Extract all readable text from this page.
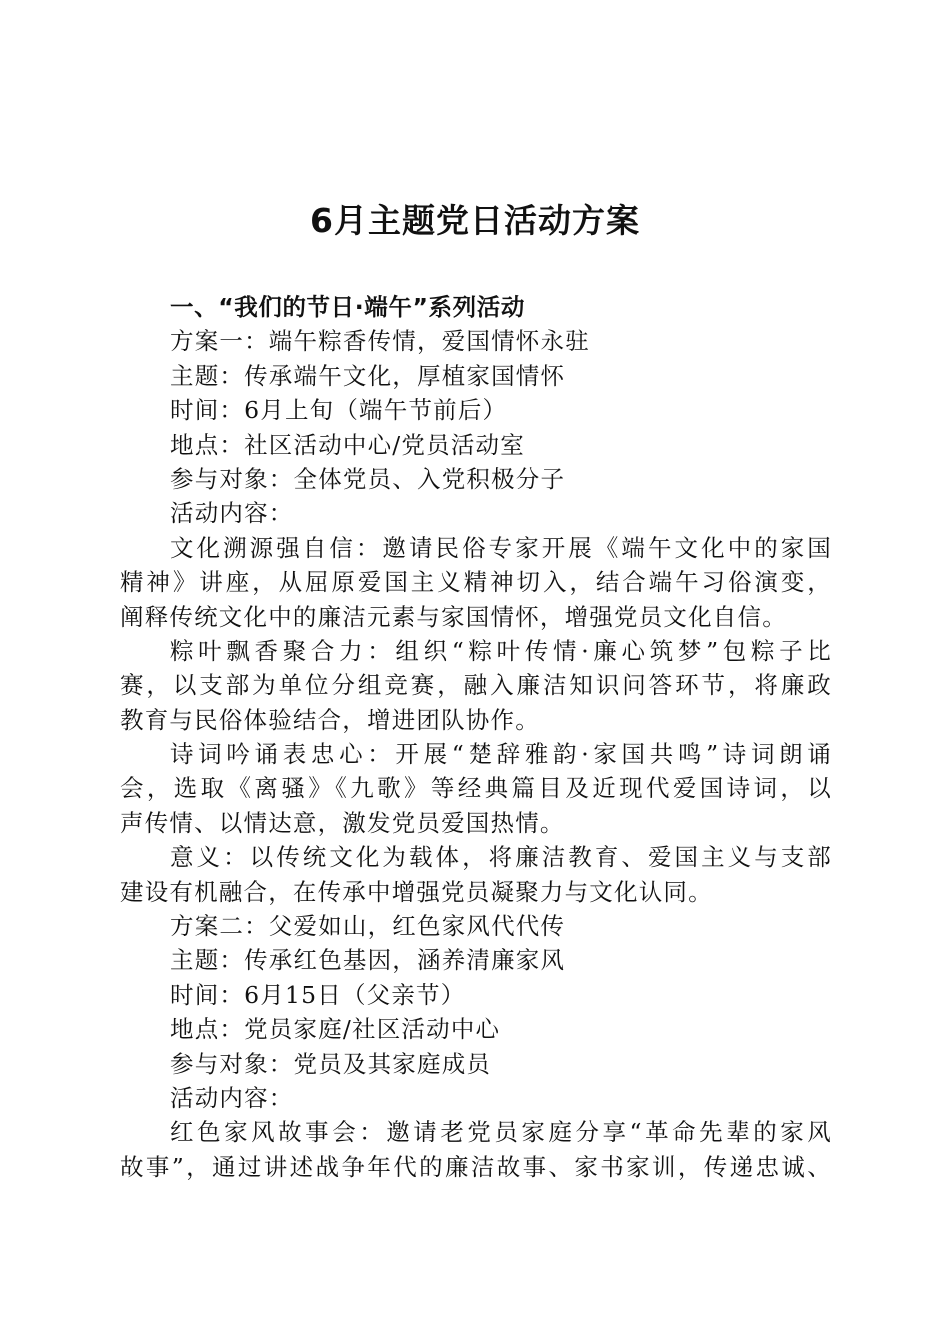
6月主题党日活动方案
一、“我们的节日·端午”系列活动
方案一：端午粽香传情，爱国情怀永驻
主题：传承端午文化，厚植家国情怀
时间：6月上旬（端午节前后）
地点：社区活动中心/党员活动室
参与对象：全体党员、入党积极分子
活动内容：
文化溯源强自信：邀请民俗专家开展《端午文化中的家国
精神》讲座，从屈原爱国主义精神切入，结合端午习俗演变，
阐释传统文化中的廉洁元素与家国情怀，增强党员文化自信。
粽叶飘香聚合力：组织“粽叶传情·廉心筑梦”包粽子比
赛，以支部为单位分组竞赛，融入廉洁知识问答环节，将廉政
教育与民俗体验结合，增进团队协作。
诗词吟诵表忠心：开展“楚辞雅韵·家国共鸣”诗词朗诵
会，选取《离骚》《九歌》等经典篇目及近现代爱国诗词，以
声传情、以情达意，激发党员爱国热情。
意义：以传统文化为载体，将廉洁教育、爱国主义与支部
建设有机融合，在传承中增强党员凝聚力与文化认同。
方案二：父爱如山，红色家风代代传
主题：传承红色基因，涵养清廉家风
时间：6月15日（父亲节）
地点：党员家庭/社区活动中心
参与对象：党员及其家庭成员
活动内容：
红色家风故事会：邀请老党员家庭分享“革命先辈的家风
故事”，通过讲述战争年代的廉洁故事、家书家训，传递忠诚、
